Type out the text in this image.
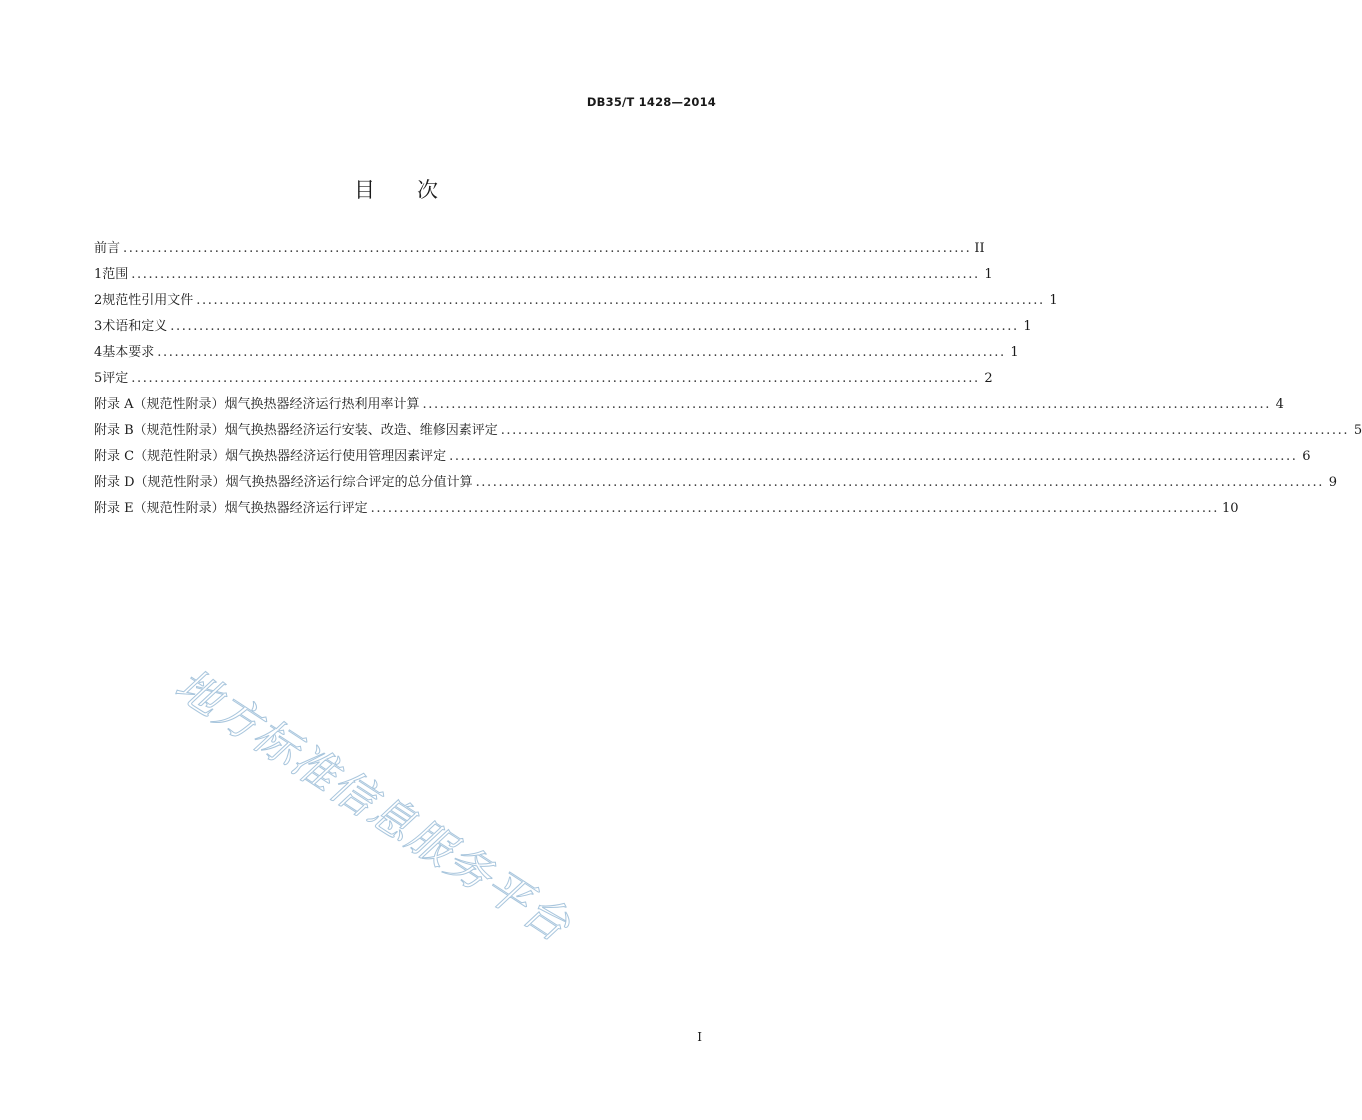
DB35/T 1428—2014
目 次
前言 .................................................................................................................................................... II
1 范围 .................................................................................................................................................... 1
2 规范性引用文件 .................................................................................................................................................... 1
3 术语和定义 .................................................................................................................................................... 1
4 基本要求 .................................................................................................................................................... 1
5 评定 .................................................................................................................................................... 2
附录 A（规范性附录） 烟气换热器经济运行热利用率计算 .................................................................................................................................................... 4
附录 B（规范性附录） 烟气换热器经济运行安装、改造、维修因素评定 .................................................................................................................................................... 5
附录 C（规范性附录） 烟气换热器经济运行使用管理因素评定 .................................................................................................................................................... 6
附录 D（规范性附录） 烟气换热器经济运行综合评定的总分值计算 .................................................................................................................................................... 9
附录 E（规范性附录） 烟气换热器经济运行评定 .................................................................................................................................................... 10
地方标准信息服务平台
I
